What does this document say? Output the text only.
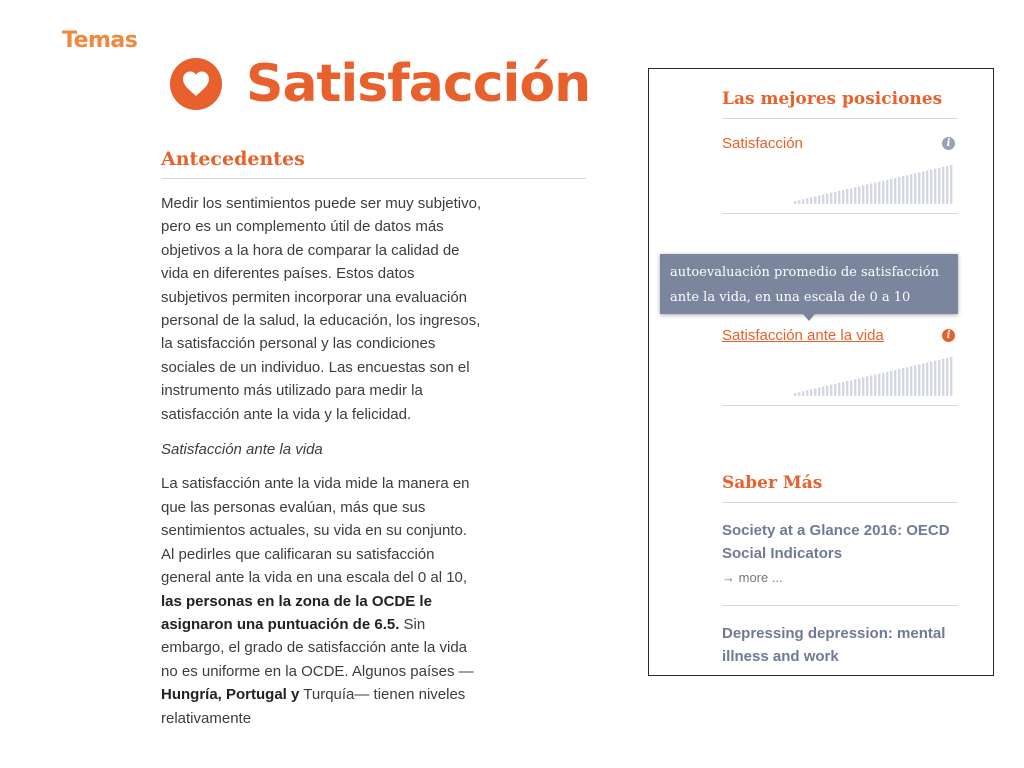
Temas
Satisfacción
Antecedentes

Medir los sentimientos puede ser muy subjetivo, pero es un complemento útil de datos más objetivos a la hora de comparar la calidad de vida en diferentes países. Estos datos subjetivos permiten incorporar una evaluación personal de la salud, la educación, los ingresos, la satisfacción personal y las condiciones sociales de un individuo. Las encuestas son el instrumento más utilizado para medir la satisfacción ante la vida y la felicidad.

Satisfacción ante la vida

La satisfacción ante la vida mide la manera en que las personas evalúan, más que sus sentimientos actuales, su vida en su conjunto. Al pedirles que calificaran su satisfacción general ante la vida en una escala del 0 al 10, las personas en la zona de la OCDE le asignaron una puntuación de 6.5. Sin embargo, el grado de satisfacción ante la vida no es uniforme en la OCDE. Algunos países —Hungría, Portugal y Turquía— tienen niveles relativamente

Las mejores posiciones
Satisfacción	i
Satisfacción ante la vida	i
Saber Más
Society at a Glance 2016: OECD Social Indicators
→ more ...
Depressing depression: mental illness and work
autoevaluación promedio de satisfacción ante la vida, en una escala de 0 a 10
